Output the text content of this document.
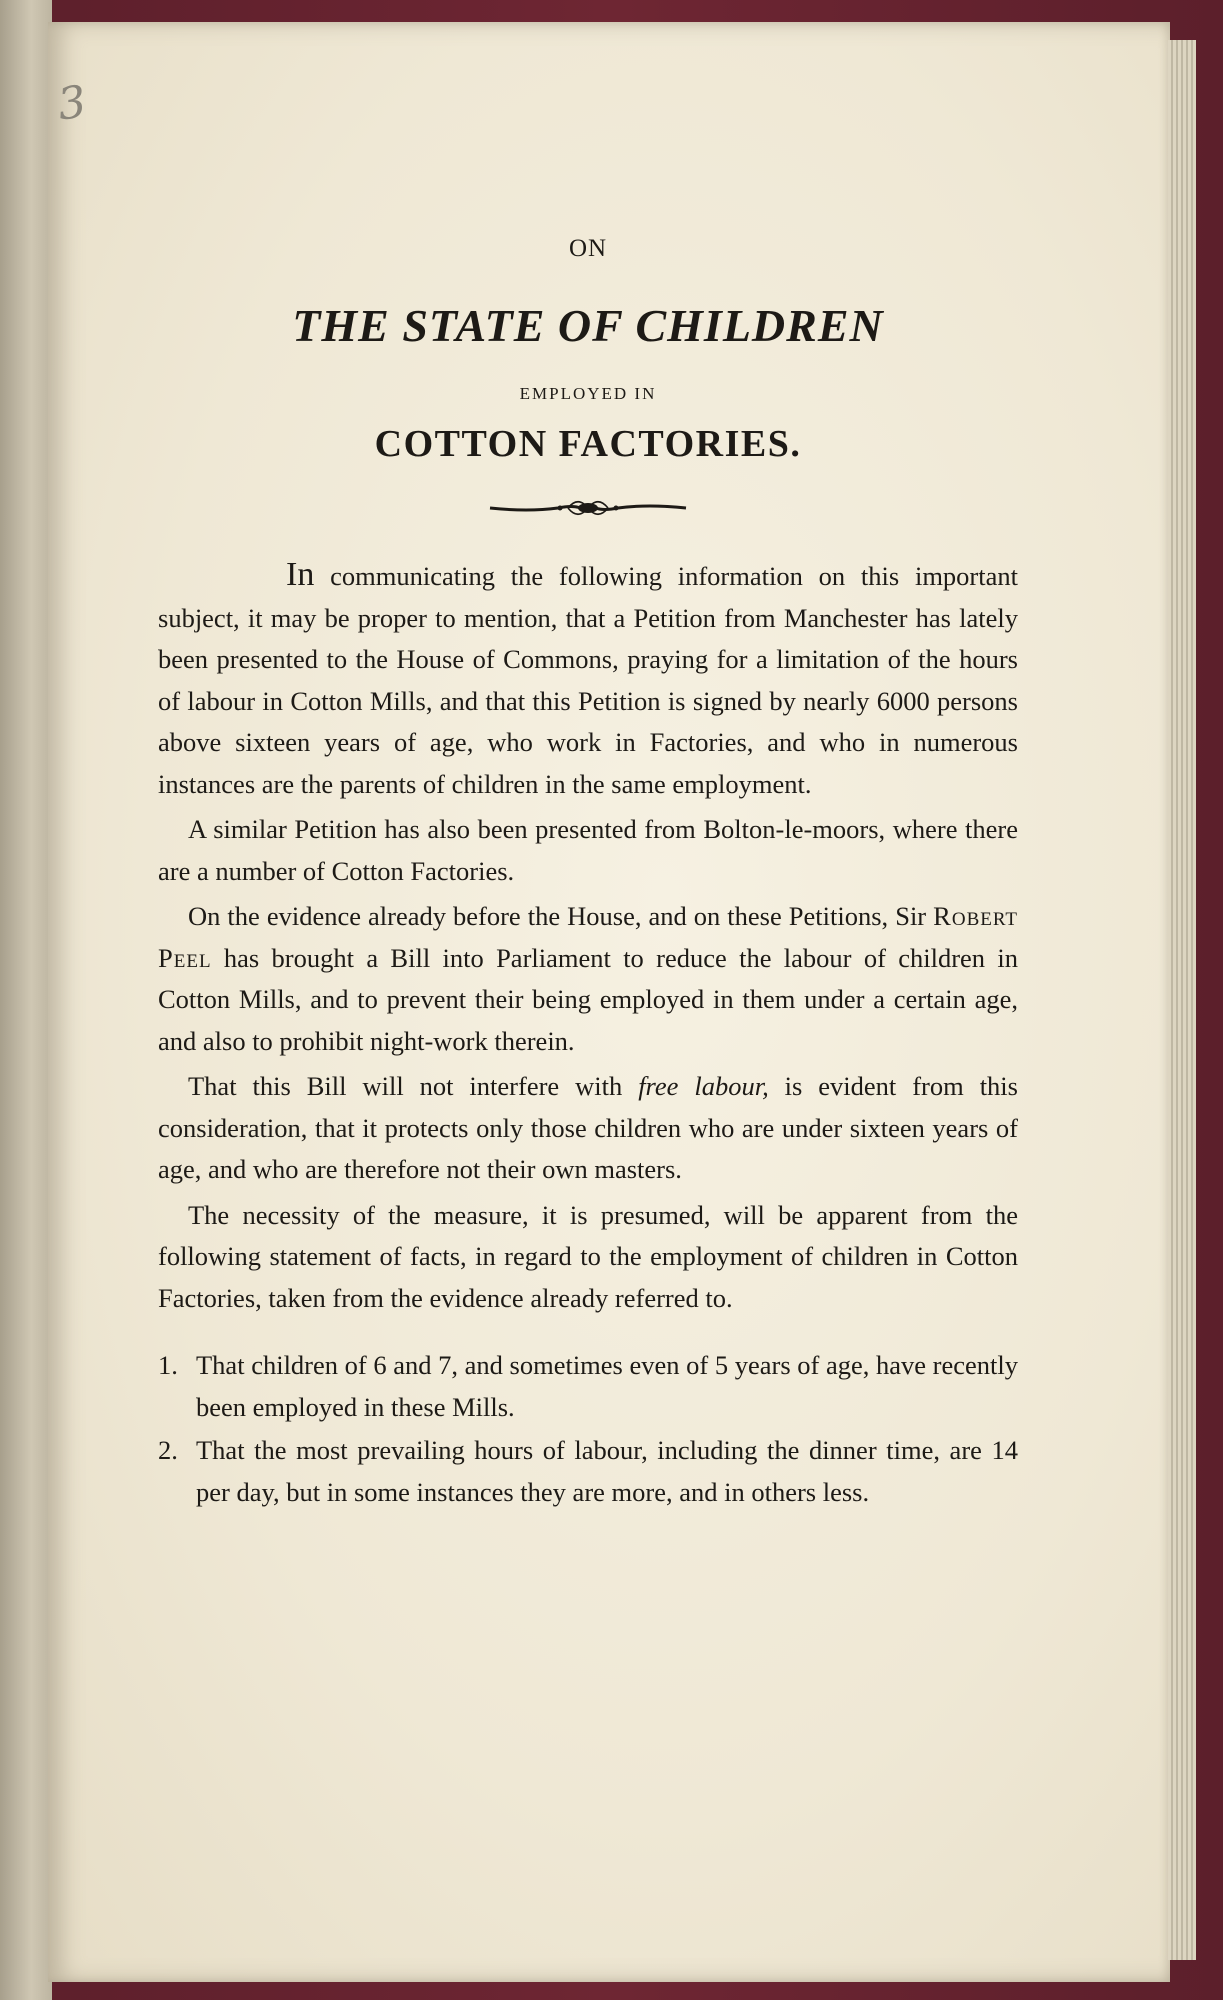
3
ON
THE STATE OF CHILDREN
EMPLOYED IN
COTTON FACTORIES.

In communicating the following information on this important subject, it may be proper to mention, that a Petition from Manchester has lately been presented to the House of Commons, praying for a limitation of the hours of labour in Cotton Mills, and that this Petition is signed by nearly 6000 persons above sixteen years of age, who work in Factories, and who in numerous instances are the parents of children in the same employment.

A similar Petition has also been presented from Bolton-le-moors, where there are a number of Cotton Factories.

On the evidence already before the House, and on these Petitions, Sir Robert Peel has brought a Bill into Parliament to reduce the labour of children in Cotton Mills, and to prevent their being employed in them under a certain age, and also to prohibit night-work therein.

That this Bill will not interfere with free labour, is evident from this consideration, that it protects only those children who are under sixteen years of age, and who are therefore not their own masters.

The necessity of the measure, it is presumed, will be apparent from the following statement of facts, in regard to the employment of children in Cotton Factories, taken from the evidence already referred to.

1. That children of 6 and 7, and sometimes even of 5 years of age, have recently been employed in these Mills.
2. That the most prevailing hours of labour, including the dinner time, are 14 per day, but in some instances they are more, and in others less.
